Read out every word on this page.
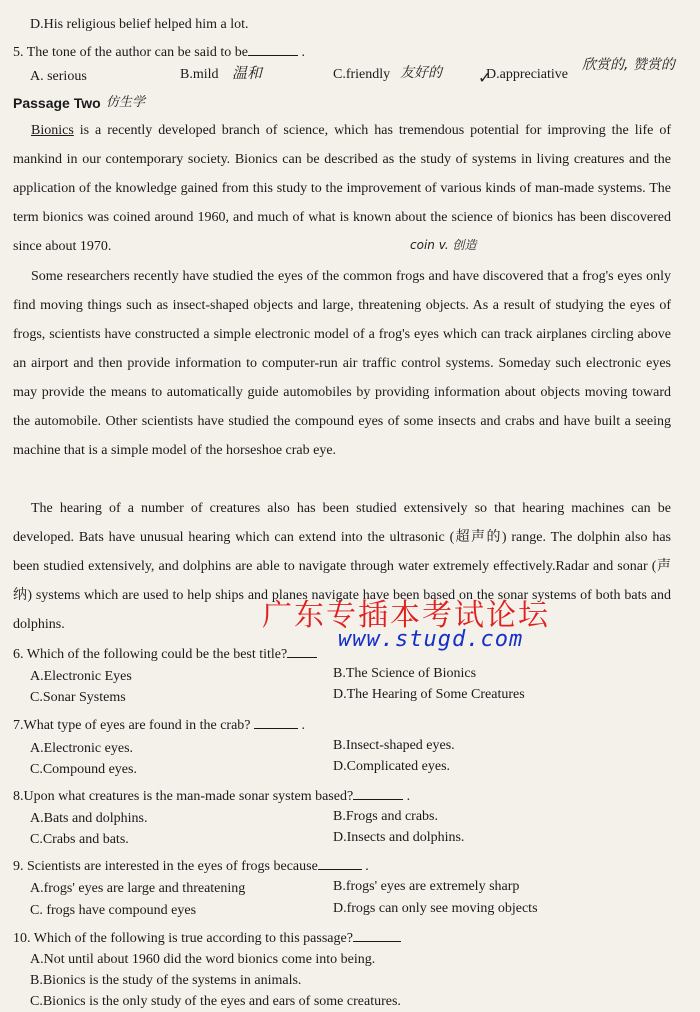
D.His religious belief helped him a lot.
5. The tone of the author can be said to be	.
A. serious	B.mild 温和	C.friendly 友好的 ✓
D.appreciative
欣赏的, 赞赏的
Passage Two 仿生学
Bionics is a recently developed branch of science, which has tremendous potential for improving the life of mankind in our contemporary society. Bionics can be described as the study of systems in living creatures and the application of the knowledge gained from this study to the improvement of various kinds of man-made systems. The term bionics was coined around 1960, and much of what is known about the science of bionics has been discovered since about 1970.	coin v. 创造
Some researchers recently have studied the eyes of the common frogs and have discovered that a frog's eyes only find moving things such as insect-shaped objects and large, threatening objects. As a result of studying the eyes of frogs, scientists have constructed a simple electronic model of a frog's eyes which can track airplanes circling above an airport and then provide information to computer-run air traffic control systems. Someday such electronic eyes may provide the means to automatically guide automobiles by providing information about objects moving toward the automobile. Other scientists have studied the compound eyes of some insects and crabs and have built a seeing machine that is a simple model of the horseshoe crab eye.
The hearing of a number of creatures also has been studied extensively so that hearing machines can be developed. Bats have unusual hearing which can extend into the ultrasonic (超声的) range. The dolphin also has been studied extensively, and dolphins are able to navigate through water extremely effectively.Radar and sonar (声纳) systems which are used to help ships and planes navigate have been based on the sonar systems of both bats and dolphins.	广东专插本考试论坛
www.stugd.com
6. Which of the following could be the best title?
A.Electronic Eyes	B.The Science of Bionics
C.Sonar Systems	D.The Hearing of Some Creatures
7.What type of eyes are found in the crab?	.
A.Electronic eyes.	B.Insect-shaped eyes.
C.Compound eyes.	D.Complicated eyes.
8.Upon what creatures is the man-made sonar system based?	.
A.Bats and dolphins.	B.Frogs and crabs.
C.Crabs and bats.	D.Insects and dolphins.
9. Scientists are interested in the eyes of frogs because	.
A.frogs' eyes are large and threatening	B.frogs' eyes are extremely sharp
C. frogs have compound eyes	D.frogs can only see moving objects
10. Which of the following is true according to this passage?
A.Not until about 1960 did the word bionics come into being.
B.Bionics is the study of the systems in animals.
C.Bionics is the only study of the eyes and ears of some creatures.
